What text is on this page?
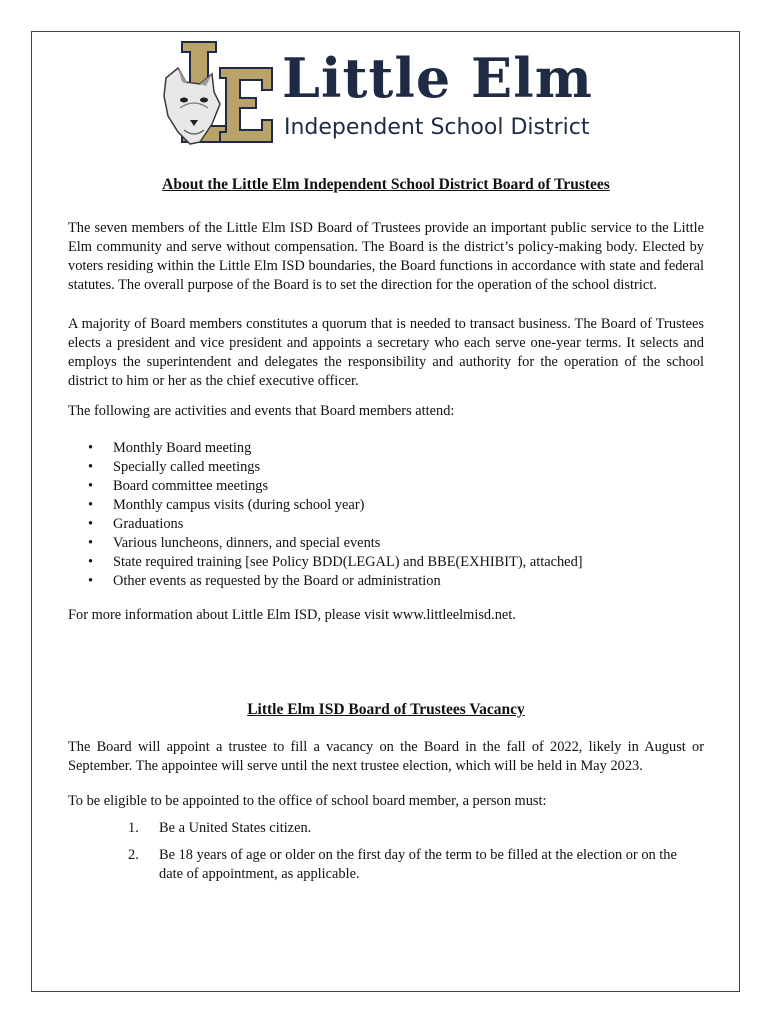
Little Elm
Independent School District
About the Little Elm Independent School District Board of Trustees

The seven members of the Little Elm ISD Board of Trustees provide an important public service to the Little Elm community and serve without compensation. The Board is the district’s policy-making body. Elected by voters residing within the Little Elm ISD boundaries, the Board functions in accordance with state and federal statutes. The overall purpose of the Board is to set the direction for the operation of the school district.

A majority of Board members constitutes a quorum that is needed to transact business. The Board of Trustees elects a president and vice president and appoints a secretary who each serve one-year terms. It selects and employs the superintendent and delegates the responsibility and authority for the operation of the school district to him or her as the chief executive officer.

The following are activities and events that Board members attend:

• Monthly Board meeting
• Specially called meetings
• Board committee meetings
• Monthly campus visits (during school year)
• Graduations
• Various luncheons, dinners, and special events
• State required training [see Policy BDD(LEGAL) and BBE(EXHIBIT), attached]
• Other events as requested by the Board or administration

For more information about Little Elm ISD, please visit www.littleelmisd.net.

Little Elm ISD Board of Trustees Vacancy

The Board will appoint a trustee to fill a vacancy on the Board in the fall of 2022, likely in August or September. The appointee will serve until the next trustee election, which will be held in May 2023.

To be eligible to be appointed to the office of school board member, a person must:

1. Be a United States citizen.
2. Be 18 years of age or older on the first day of the term to be filled at the election or on the date of appointment, as applicable.
